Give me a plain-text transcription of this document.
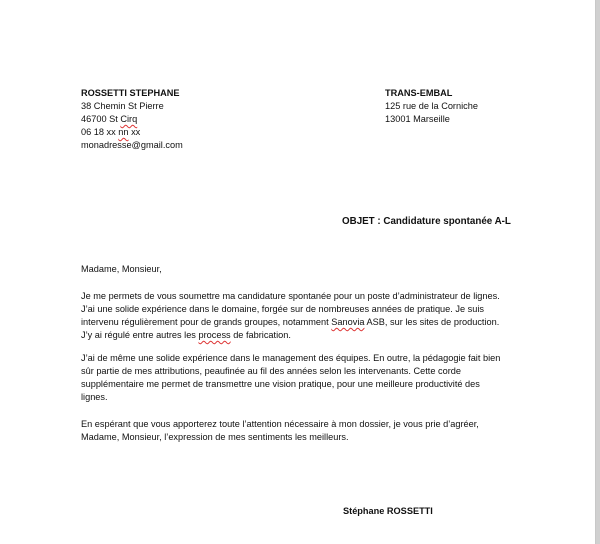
ROSSETTI STEPHANE
38 Chemin St Pierre
46700 St Cirq
06 18 xx nn xx
monadresse@gmail.com
TRANS-EMBAL
125 rue de la Corniche
13001 Marseille
OBJET : Candidature spontanée A-L
Madame, Monsieur,
Je me permets de vous soumettre ma candidature spontanée pour un poste d’administrateur de lignes.
J’ai une solide expérience dans le domaine, forgée sur de nombreuses années de pratique. Je suis
intervenu régulièrement pour de grands groupes, notamment Sanovia ASB, sur les sites de production.
J’y ai régulé entre autres les process de fabrication.
J’ai de même une solide expérience dans le management des équipes. En outre, la pédagogie fait bien
sûr partie de mes attributions, peaufinée au fil des années selon les intervenants. Cette corde
supplémentaire me permet de transmettre une vision pratique, pour une meilleure productivité des
lignes.
En espérant que vous apporterez toute l’attention nécessaire à mon dossier, je vous prie d’agréer,
Madame, Monsieur, l’expression de mes sentiments les meilleurs.
Stéphane ROSSETTI
